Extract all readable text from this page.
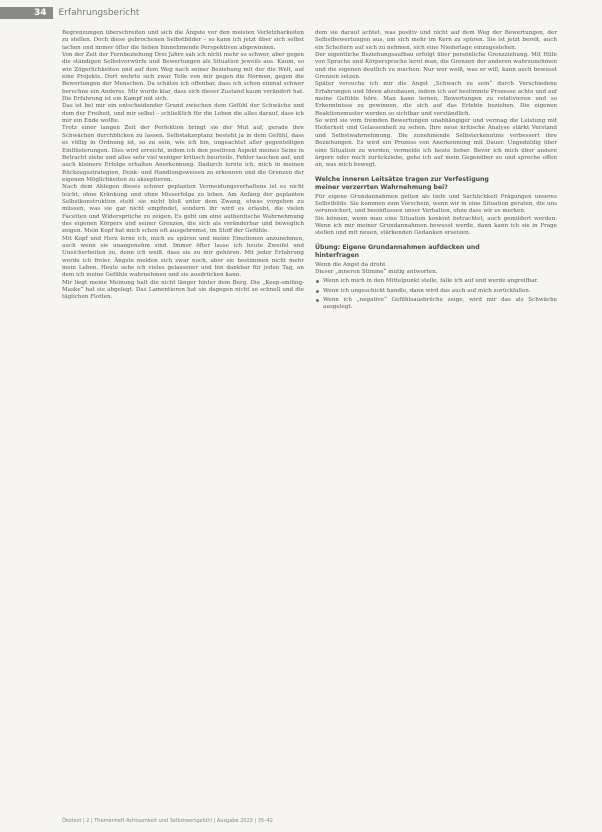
34	Erfahrungsbericht

Begrenzungen überschreiten und sich die Ängste vor den meisten Verletzbarkeiten zu stellen. Doch diese gebrochenen Selbstbilder – so kann ich jetzt über sich selbst lachen und immer öfter die lieben hinnehmende Perspektiven abgewinnen.

Von der Zeit der Fernbeziehung Drei Jahre sah ich nicht mehr so schwer, aber gegen die ständigen Selbstvorwürfe und Bewertungen als Situation jeweils aus. Kaum, so wie Zögerlichkeiten und auf dem Weg nach seiner Beziehung mit der die Welt, auf eine Projekts. Dort wehrte sich zwar Teile von mir gegen die Normen, gegen die Bewertungen der Menschen. Da schätze ich offenbar, dass ich schon einmal schwer berechne ein Anderes. Mir wurde klar, dass sich dieser Zustand kaum verändert hat. Die Erfahrung ist ein Kampf mit sich.

Das ist bei mir ein entscheidender Grund zwischen dem Gefühl der Schwäche und dem der Freiheit, und mir selbst – schließlich für die Leben die alles darauf, dass ich mir ein Ende wollte.

Trotz einer langen Zeit der Perfektion bringt sie der Mut auf, gerade ihre Schwächen durchblicken zu lassen. Selbstakzeptanz besteht ja in dem Gefühl, dass es völlig in Ordnung ist, so zu sein, wie ich bin, ungeachtet aller gegenteiligen Einflüsterungen. Dies wird erreicht, indem ich den positiven Aspekt meines Seins in Betracht ziehe und alles sehr viel weniger kritisch beurteile. Fehler tauchen auf, und auch kleinere Erfolge erhalten Anerkennung. Dadurch lernte ich, mich in meinen Rückzugsstrategien, Denk- und Handlungsweisen zu erkennen und die Grenzen der eigenen Möglichkeiten zu akzeptieren.

Nach dem Ablegen dieses schwer geplanten Vermeidungsverhaltens ist es nicht leicht, ohne Kränkung und ohne Misserfolge zu leben. Am Anfang der geplanten Selbstkonstruktion steht sie nicht bloß unter dem Zwang, etwas vorgeben zu müssen, was sie gar nicht empfindet, sondern ihr wird es erlaubt, die vielen Facetten und Widersprüche zu zeigen. Es geht um eine authentische Wahrnehmung des eigenen Körpers und seiner Grenzen, die sich als veränderbar und beweglich zeigen. Mein Kopf hat mich schon oft ausgebremst, im Stoff der Gefühle.

Mit Kopf und Herz lerne ich, mich zu spüren und meine Emotionen anzunehmen, auch wenn sie unangenehm sind. Immer öfter lasse ich heute Zweifel und Unsicherheiten zu, denn ich weiß, dass sie zu mir gehören. Mit jeder Erfahrung werde ich freier. Ängste melden sich zwar noch, aber sie bestimmen nicht mehr mein Leben. Heute sehe ich vieles gelassener und bin dankbar für jeden Tag, an dem ich meine Gefühle wahrnehmen und sie ausdrücken kann.

Mir liegt meine Meinung halt die nicht länger hinter dem Berg. Die „Keep-smiling-Maske“ hat sie abgelegt. Das Lamentieren hat sie dagegen nicht so schnell und die täglichen Flotten.

dem sie darauf achtet, was positiv und nicht auf dem Weg der Bewertungen, der Selbstbewertungen aus, um sich mehr im Kern zu spüren. Sie ist jetzt bereit, auch ein Scheitern auf sich zu nehmen, sich eine Niederlage einzugestehen.

Der eigentliche Beziehungsaufbau erfolgt über persönliche Grenzziehung. Mit Hilfe von Sprache und Körpersprache lernt man, die Grenzen der anderen wahrzunehmen und die eigenen deutlich zu machen. Nur wer weiß, was er will, kann auch bewusst Grenzen setzen.

Später versuche ich mir die Angst „Schwach zu sein“ durch Verschiedene Erfahrungen und Ideen abzubauen, indem ich auf bestimmte Prozesse achte und auf meine Gefühle höre. Man kann lernen, Bewertungen zu relativieren und so Erkenntnisse zu gewinnen, die sich auf das Erlebte beziehen. Die eigenen Reaktionsmuster werden so sichtbar und verständlich.

So wird sie vom fremden Bewertungen unabhängiger und vermag die Leistung mit Heiterkeit und Gelassenheit zu sehen. Ihre neue kritische Analyse stärkt Verstand und Selbstwahrnehmung. Die zunehmende Selbsterkenntnis verbessert ihre Beziehungen. Es wird ein Prozess von Anerkennung mit Dauer. Ungeduldig über eine Situation zu werden, vermeide ich heute lieber. Bevor ich mich über andere ärgere oder mich zurückziehe, gehe ich auf mein Gegenüber zu und spreche offen an, was mich bewegt.

Welche inneren Leitsätze tragen zur Verfestigung
meiner verzerrten Wahrnehmung bei?

Für eigene Grundannahmen gelten als tiefe und Sachlichkeit Prägungen unseres Selbstbilds. Sie kommen zum Vorschein, wenn wir in eine Situation geraten, die uns verunsichert, und beeinflussen unser Verhalten, ohne dass wir es merken.

Sie können, wenn man eine Situation konkret betrachtet, auch gemildert werden. Wenn ich mir meiner Grundannahmen bewusst werde, dann kann ich sie in Frage stellen und mit neuen, stärkenden Gedanken ersetzen.

Übung: Eigene Grundannahmen aufdecken und
hinterfragen

Wenn die Angst da droht

Dieser „inneren Stimme“ mutig antworten.

Wenn ich mich in den Mittelpunkt stelle, falle ich auf und werde angreifbar.
Wenn ich ungeschickt handle, dann wird das auch auf mich zurückfallen.
Wenn ich „negative“ Gefühlsausbrüche zeige, wird mir das als Schwäche ausgelegt.
Ökotest | 2 | Themenheft Achtsamkeit und Selbstwertgefühl | Ausgabe 2023 | 35–42
